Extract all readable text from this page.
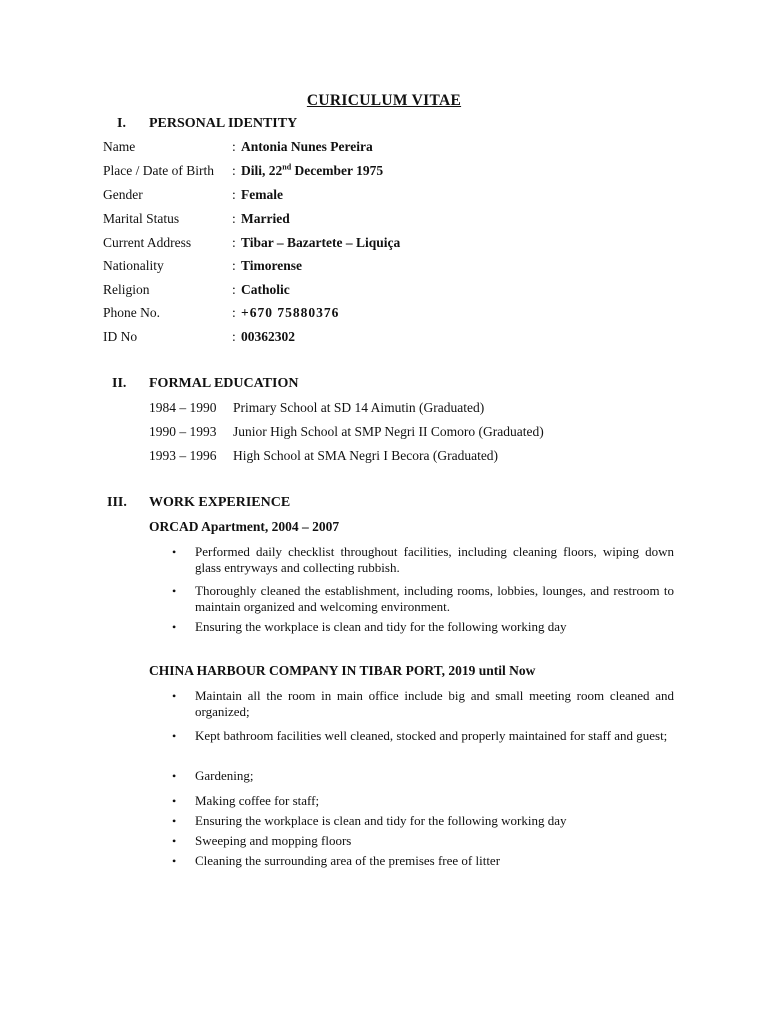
CURICULUM VITAE
I. PERSONAL IDENTITY
Name	: Antonia Nunes Pereira
Place / Date of Birth : Dili, 22nd December 1975
Gender	: Female
Marital Status	: Married
Current Address	: Tibar – Bazartete – Liquiça
Nationality	: Timorense
Religion	: Catholic
Phone No.	: +670 75880376
ID No	: 00362302
II. FORMAL EDUCATION
1984 – 1990 Primary School at SD 14 Aimutin (Graduated)
1990 – 1993 Junior High School at SMP Negri II Comoro (Graduated)
1993 – 1996 High School at SMA Negri I Becora (Graduated)
III. WORK EXPERIENCE
ORCAD Apartment, 2004 – 2007
• Performed daily checklist throughout facilities, including cleaning floors, wiping down glass entryways and collecting rubbish.
• Thoroughly cleaned the establishment, including rooms, lobbies, lounges, and restroom to maintain organized and welcoming environment.
• Ensuring the workplace is clean and tidy for the following working day
CHINA HARBOUR COMPANY IN TIBAR PORT, 2019 until Now
• Maintain all the room in main office include big and small meeting room cleaned and organized;
• Kept bathroom facilities well cleaned, stocked and properly maintained for staff and guest;
• Gardening;
• Making coffee for staff;
• Ensuring the workplace is clean and tidy for the following working day
• Sweeping and mopping floors
• Cleaning the surrounding area of the premises free of litter
